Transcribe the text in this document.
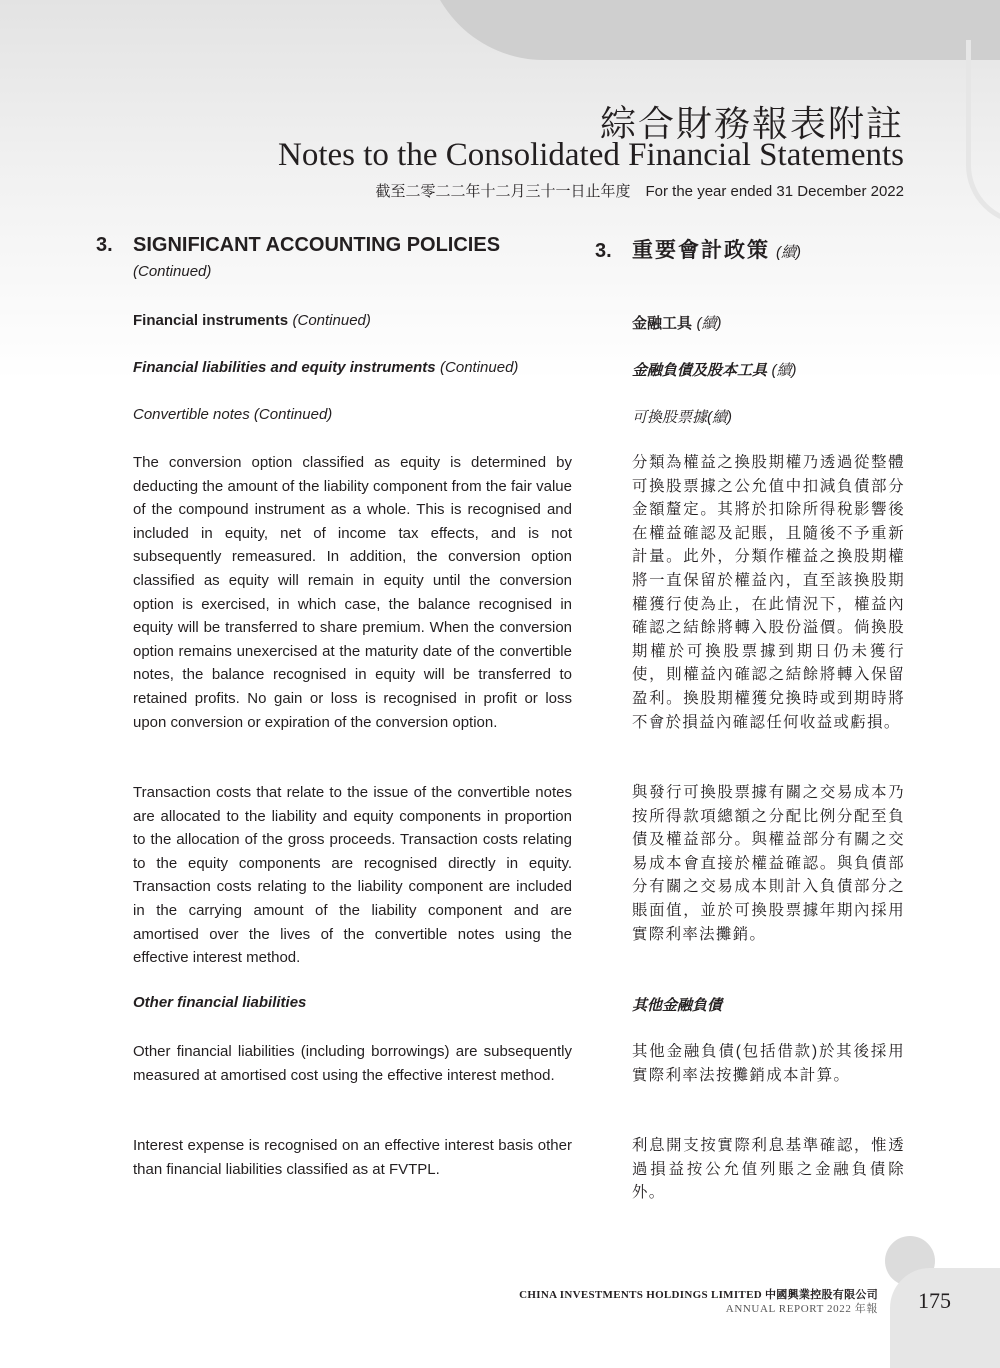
綜合財務報表附註
Notes to the Consolidated Financial Statements
截至二零二二年十二月三十一日止年度　For the year ended 31 December 2022
3.	SIGNIFICANT ACCOUNTING POLICIES
(Continued)
Financial instruments (Continued)
Financial liabilities and equity instruments (Continued)
Convertible notes (Continued)

The conversion option classified as equity is determined by deducting the amount of the liability component from the fair value of the compound instrument as a whole. This is recognised and included in equity, net of income tax effects, and is not subsequently remeasured. In addition, the conversion option classified as equity will remain in equity until the conversion option is exercised, in which case, the balance recognised in equity will be transferred to share premium. When the conversion option remains unexercised at the maturity date of the convertible notes, the balance recognised in equity will be transferred to retained profits. No gain or loss is recognised in profit or loss upon conversion or expiration of the conversion option.

Transaction costs that relate to the issue of the convertible notes are allocated to the liability and equity components in proportion to the allocation of the gross proceeds. Transaction costs relating to the equity components are recognised directly in equity. Transaction costs relating to the liability component are included in the carrying amount of the liability component and are amortised over the lives of the convertible notes using the effective interest method.

Other financial liabilities

Other financial liabilities (including borrowings) are subsequently measured at amortised cost using the effective interest method.

Interest expense is recognised on an effective interest basis other than financial liabilities classified as at FVTPL.

3. 重要會計政策 (續)
金融工具 (續)
金融負債及股本工具 (續)
可換股票據(續)

分類為權益之換股期權乃透過從整體可換股票據之公允值中扣減負債部分金額釐定。其將於扣除所得稅影響後在權益確認及記賬，且隨後不予重新計量。此外，分類作權益之換股期權將一直保留於權益內，直至該換股期權獲行使為止，在此情況下，權益內確認之結餘將轉入股份溢價。倘換股期權於可換股票據到期日仍未獲行使，則權益內確認之結餘將轉入保留盈利。換股期權獲兌換時或到期時將不會於損益內確認任何收益或虧損。

與發行可換股票據有關之交易成本乃按所得款項總額之分配比例分配至負債及權益部分。與權益部分有關之交易成本會直接於權益確認。與負債部分有關之交易成本則計入負債部分之賬面值，並於可換股票據年期內採用實際利率法攤銷。

其他金融負債

其他金融負債(包括借款)於其後採用實際利率法按攤銷成本計算。

利息開支按實際利息基準確認，惟透過損益按公允值列賬之金融負債除外。

CHINA INVESTMENTS HOLDINGS LIMITED 中國興業控股有限公司
ANNUAL REPORT 2022 年報 175
